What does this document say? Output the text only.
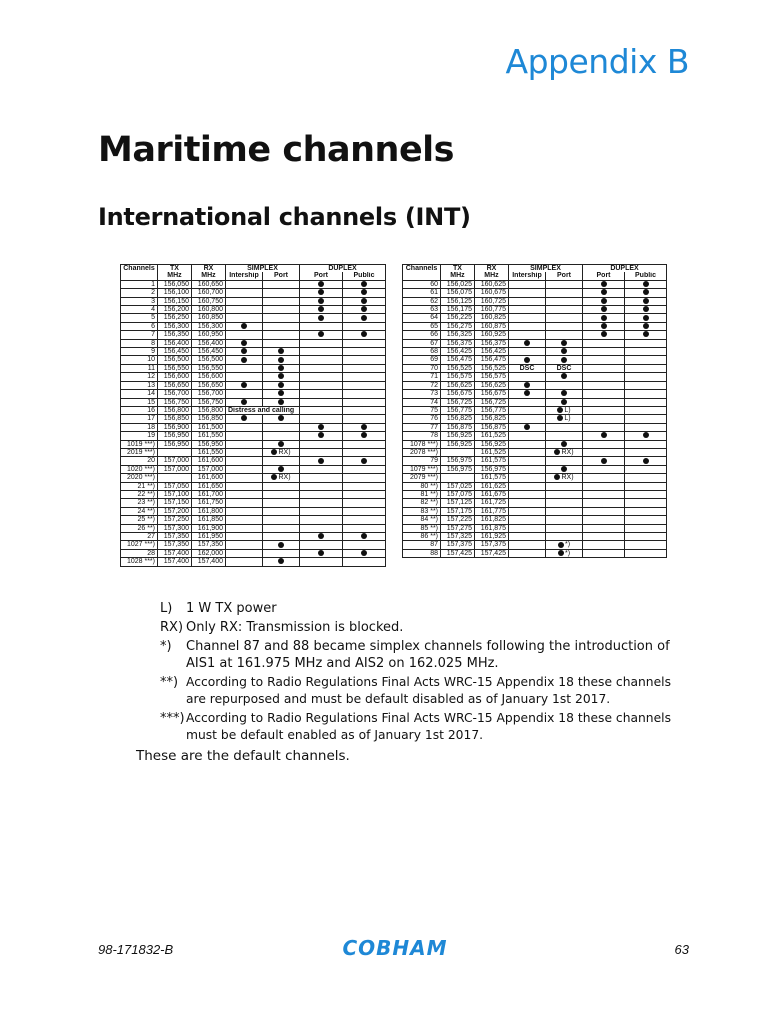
Appendix B
Maritime channels
International channels (INT)
Channels	TX	RX	SIMPLEX		DUPLEX	
	MHz	MHz	Intership	Port	Port	Public
1	156,050	160,650				
2	156,100	160,700				
3	156,150	160,750				
4	156,200	160,800				
5	156,250	160,850				
6	156,300	156,300				
7	156,350	160,950				
8	156,400	156,400				
9	156,450	156,450				
10	156,500	156,500				
11	156,550	156,550				
12	156,600	156,600				
13	156,650	156,650				
14	156,700	156,700				
15	156,750	156,750				
16	156,800	156,800	Distress and calling			
17	156,850	156,850				
18	156,900	161,500				
19	156,950	161,550				
1019 ***)	156,950	156,950				
2019 ***)		161,550		RX)		
20	157,000	161,600				
1020 ***)	157,000	157,000				
2020 ***)		161,600		RX)		
21 **)	157,050	161,650				
22 **)	157,100	161,700				
23 **)	157,150	161,750				
24 **)	157,200	161,800				
25 **)	157,250	161,850				
26 **)	157,300	161,900				
27	157,350	161,950				
1027 ***)	157,350	157,350				
28	157,400	162,000				
1028 ***)	157,400	157,400				
Channels	TX	RX	SIMPLEX		DUPLEX	
	MHz	MHz	Intership	Port	Port	Public
60	156,025	160,625				
61	156,075	160,675				
62	156,125	160,725				
63	156,175	160,775				
64	156,225	160,825				
65	156,275	160,875				
66	156,325	160,925				
67	156,375	156,375				
68	156,425	156,425				
69	156,475	156,475				
70	156,525	156,525	DSC	DSC		
71	156,575	156,575				
72	156,625	156,625				
73	156,675	156,675				
74	156,725	156,725				
75	156,775	156,775		L)		
76	156,825	156,825		L)		
77	156,875	156,875				
78	156,925	161,525				
1078 ***)	156,925	156,925				
2078 ***)		161,525		RX)		
79	156,975	161,575				
1079 ***)	156,975	156,975				
2079 ***)		161,575		RX)		
80 **)	157,025	161,625				
81 **)	157,075	161,675				
82 **)	157,125	161,725				
83 **)	157,175	161,775				
84 **)	157,225	161,825				
85 **)	157,275	161,875				
86 **)	157,325	161,925				
87	157,375	157,375		*)		
88	157,425	157,425		*)		
L)	1 W TX power
RX) Only RX: Transmission is blocked.
*)	Channel 87 and 88 became simplex channels following the introduction of AIS1 at 161.975 MHz and AIS2 on 162.025 MHz.
**) According to Radio Regulations Final Acts WRC-15 Appendix 18 these channels are repurposed and must be default disabled as of January 1st 2017.
***) According to Radio Regulations Final Acts WRC-15 Appendix 18 these channels must be default enabled as of January 1st 2017.
These are the default channels.
98-171832-B	COBHAM	63
